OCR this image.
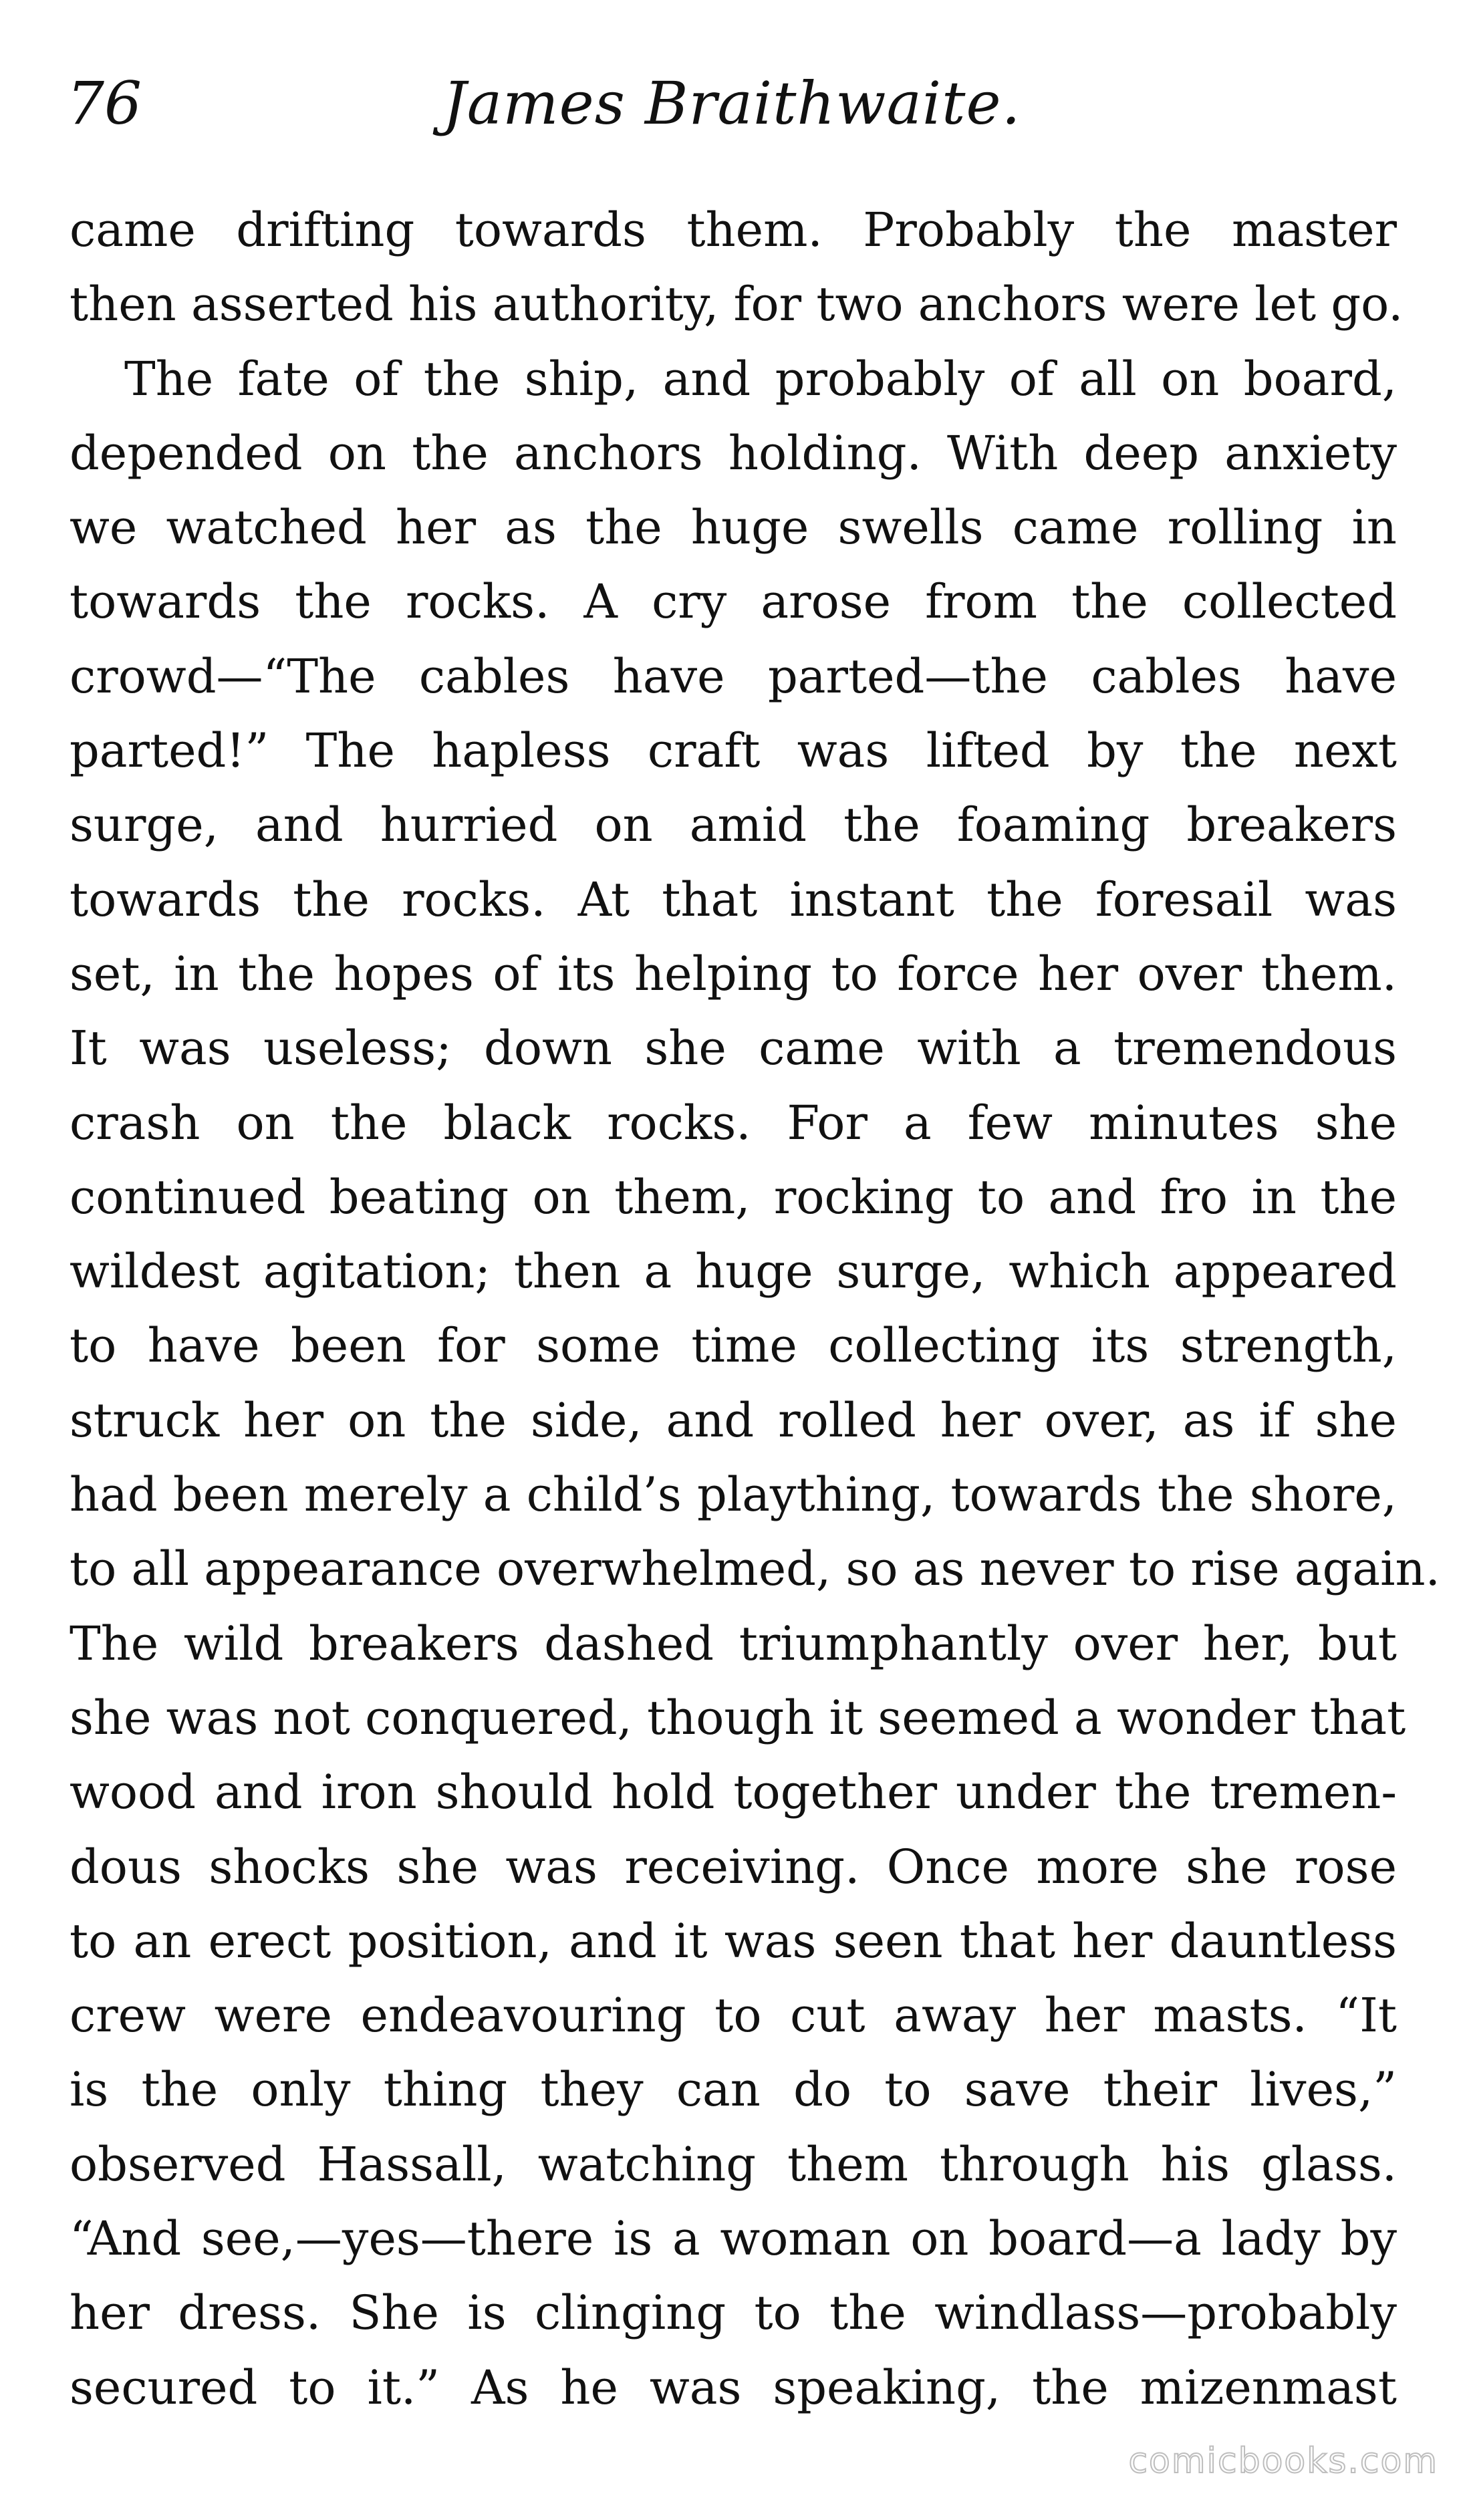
76	James Braithwaite.
came drifting towards them. Probably the master
then asserted his authority, for two anchors were let go.
The fate of the ship, and probably of all on board,
depended on the anchors holding. With deep anxiety
we watched her as the huge swells came rolling in
towards the rocks. A cry arose from the collected
crowd—“The cables have parted—the cables have
parted!” The hapless craft was lifted by the next
surge, and hurried on amid the foaming breakers
towards the rocks. At that instant the foresail was
set, in the hopes of its helping to force her over them.
It was useless; down she came with a tremendous
crash on the black rocks. For a few minutes she
continued beating on them, rocking to and fro in the
wildest agitation; then a huge surge, which appeared
to have been for some time collecting its strength,
struck her on the side, and rolled her over, as if she
had been merely a child’s plaything, towards the shore,
to all appearance overwhelmed, so as never to rise again.
The wild breakers dashed triumphantly over her, but
she was not conquered, though it seemed a wonder that
wood and iron should hold together under the tremen-
dous shocks she was receiving. Once more she rose
to an erect position, and it was seen that her dauntless
crew were endeavouring to cut away her masts. “It
is the only thing they can do to save their lives,”
observed Hassall, watching them through his glass.
“And see,—yes—there is a woman on board—a lady by
her dress. She is clinging to the windlass—probably
secured to it.” As he was speaking, the mizenmast
comicbooks.com
